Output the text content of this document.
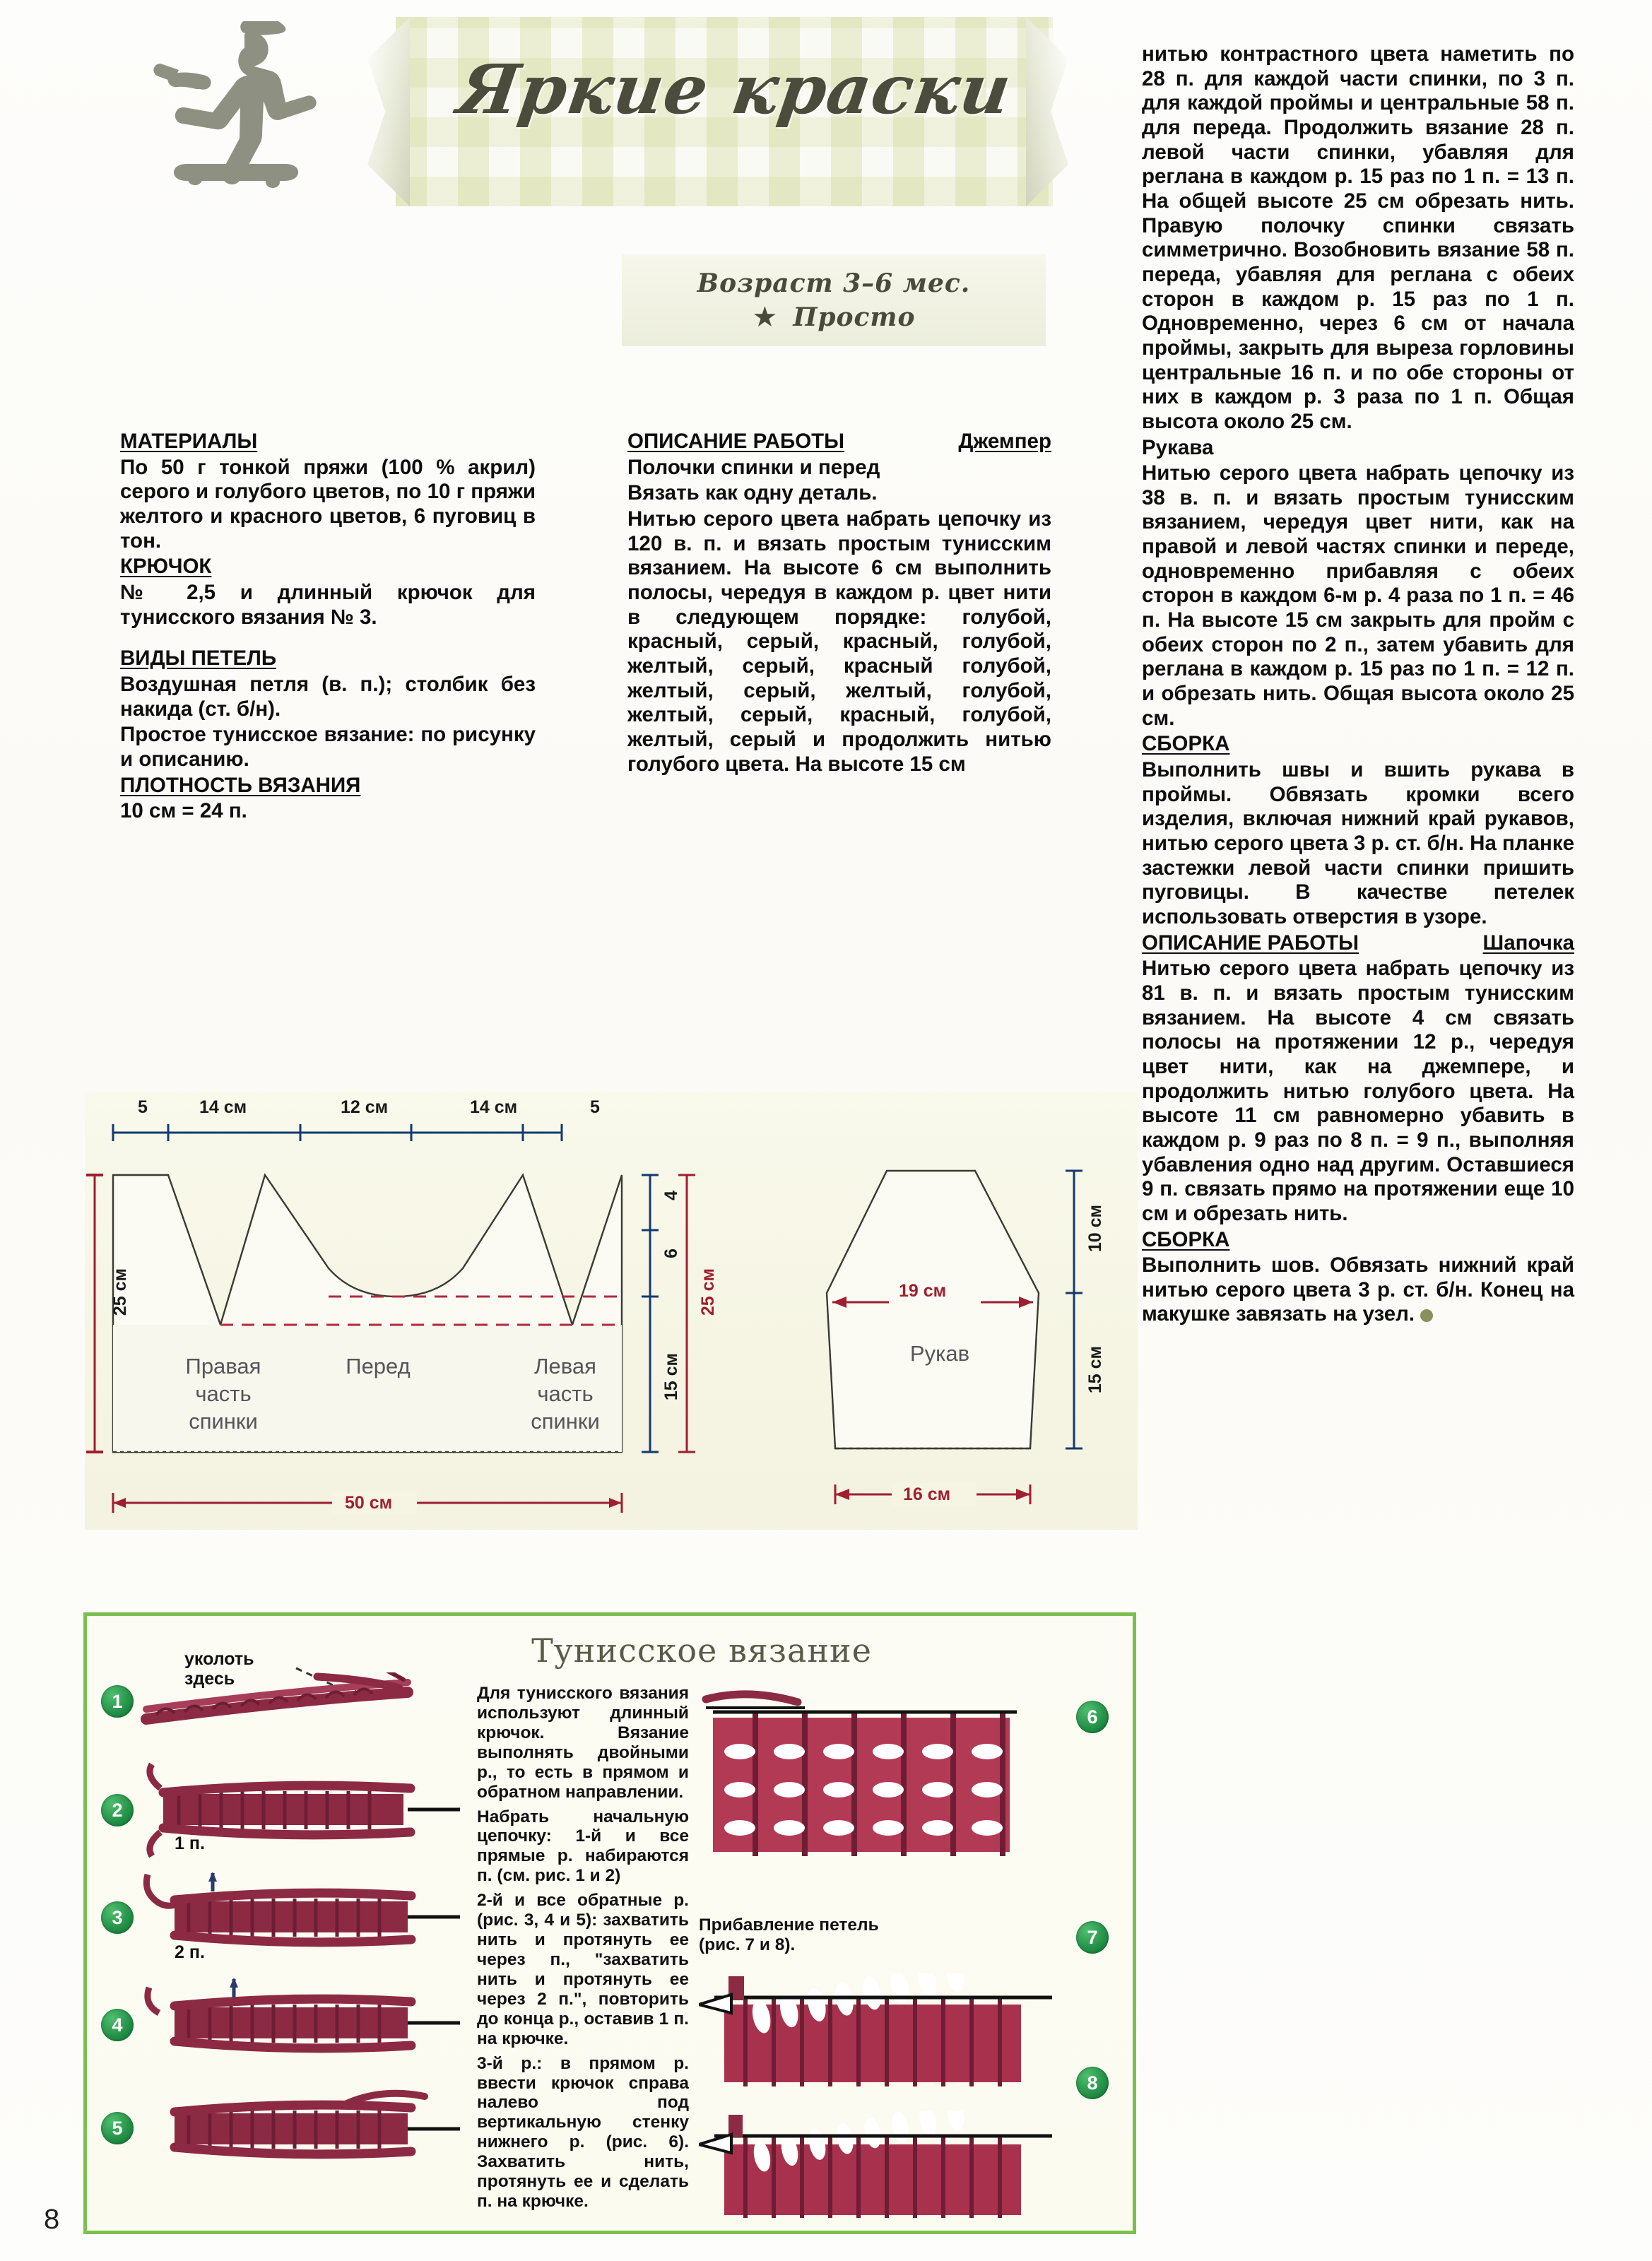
Яркие краски
Возраст 3–6 мес.
★ Просто
МАТЕРИАЛЫ

По 50 г тонкой пряжи (100 % акрил) серого и голубого цветов, по 10 г пряжи желтого и красного цветов, 6 пуговиц в тон.

КРЮЧОК

№ 2,5 и длинный крючок для тунисского вязания № 3.

ВИДЫ ПЕТЕЛЬ

Воздушная петля (в. п.); столбик без накида (ст. б/н).

Простое тунисское вязание: по рисунку и описанию.

ПЛОТНОСТЬ ВЯЗАНИЯ

10 см = 24 п.

ОПИСАНИЕ РАБОТЫ	Джемпер

Полочки спинки и перед

Вязать как одну деталь.

Нитью серого цвета набрать цепочку из 120 в. п. и вязать простым тунисским вязанием. На высоте 6 см выполнить полосы, чередуя в каждом р. цвет нити в следующем порядке: голубой, красный, серый, красный, голубой, желтый, серый, красный голубой, желтый, серый, желтый, голубой, желтый, серый, красный, голубой, желтый, серый и продолжить нитью голубого цвета. На высоте 15 см

нитью контрастного цвета наметить по 28 п. для каждой части спинки, по 3 п. для каждой проймы и центральные 58 п. для переда. Продолжить вязание 28 п. левой части спинки, убавляя для реглана в каждом р. 15 раз по 1 п. = 13 п. На общей высоте 25 см обрезать нить. Правую полочку спинки связать симметрично. Возобновить вязание 58 п. переда, убавляя для реглана с обеих сторон в каждом р. 15 раз по 1 п. Одновременно, через 6 см от начала проймы, закрыть для выреза горловины центральные 16 п. и по обе стороны от них в каждом р. 3 раза по 1 п. Общая высота около 25 см.

Рукава

Нитью серого цвета набрать цепочку из 38 в. п. и вязать простым тунисским вязанием, чередуя цвет нити, как на правой и левой частях спинки и переде, одновременно прибавляя с обеих сторон в каждом 6-м р. 4 раза по 1 п. = 46 п. На высоте 15 см закрыть для пройм с обеих сторон по 2 п., затем убавить для реглана в каждом р. 15 раз по 1 п. = 12 п. и обрезать нить. Общая высота около 25 см.

СБОРКА

Выполнить швы и вшить рукава в проймы. Обвязать кромки всего изделия, включая нижний край рукавов, нитью серого цвета 3 р. ст. б/н. На планке застежки левой части спинки пришить пуговицы. В качестве петелек использовать отверстия в узоре.

ОПИСАНИЕ РАБОТЫ	Шапочка

Нитью серого цвета набрать цепочку из 81 в. п. и вязать простым тунисским вязанием. На высоте 4 см связать полосы на протяжении 12 р., чередуя цвет нити, как на джемпере, и продолжить нитью голубого цвета. На высоте 11 см равномерно убавить в каждом р. 9 раз по 8 п. = 9 п., выполняя убавления одно над другим. Оставшиеся 9 п. связать прямо на протяжении еще 10 см и обрезать нить.

СБОРКА

Выполнить шов. Обвязать нижний край нитью серого цвета 3 р. ст. б/н. Конец на макушке завязать на узел.

5	14 см	12 см	14 см	5
25 см
4
6
15 см
25 см
50 см
Правая
часть
спинки
Перед	Левая
часть
спинки
Рукав
19 см
16 см
10 см
15 см
Тунисское вязание
уколоть
здесь
1
2
3
4
5
6
7
8
1 п.
2 п.

Для тунисского вязания используют длинный крючок. Вязание выполнять двойными р., то есть в прямом и обратном направлении.

Набрать начальную цепочку: 1-й и все прямые р. набираются п. (см. рис. 1 и 2)

2-й и все обратные р. (рис. 3, 4 и 5): захватить нить и протянуть ее через п., "захватить нить и протянуть ее через 2 п.", повторить до конца р., оставив 1 п. на крючке.

3-й р.: в прямом р. ввести крючок справа налево под вертикальную стенку нижнего р. (рис. 6). Захватить нить, протянуть ее и сделать п. на крючке.

Прибавление петель (рис. 7 и 8).
8
